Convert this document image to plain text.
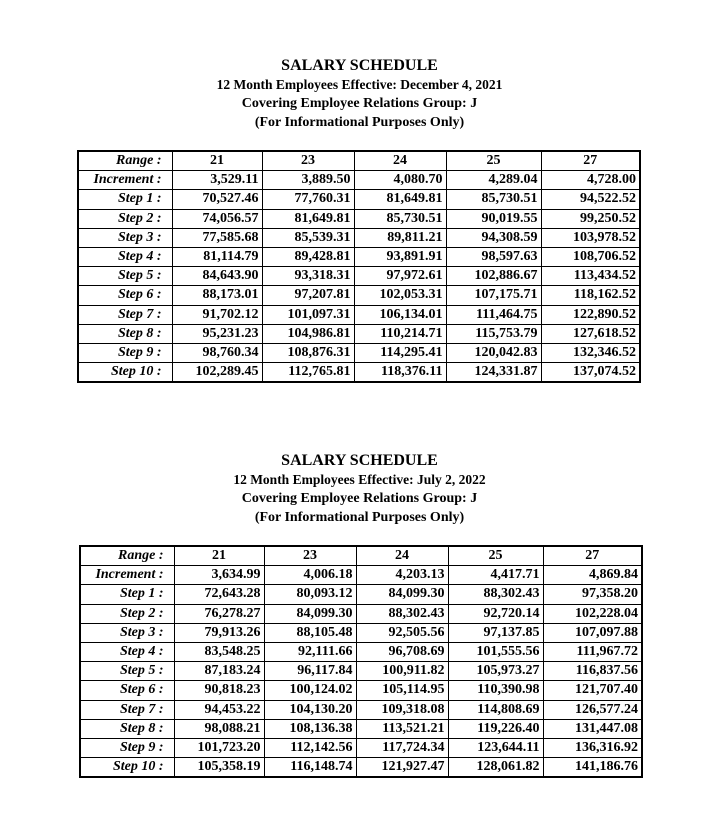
SALARY SCHEDULE
12 Month Employees Effective: December 4, 2021
Covering Employee Relations Group: J
(For Informational Purposes Only)
Range :	21	23	24	25	27
Increment :	3,529.11	3,889.50	4,080.70	4,289.04	4,728.00
Step 1 :	70,527.46	77,760.31	81,649.81	85,730.51	94,522.52
Step 2 :	74,056.57	81,649.81	85,730.51	90,019.55	99,250.52
Step 3 :	77,585.68	85,539.31	89,811.21	94,308.59	103,978.52
Step 4 :	81,114.79	89,428.81	93,891.91	98,597.63	108,706.52
Step 5 :	84,643.90	93,318.31	97,972.61	102,886.67	113,434.52
Step 6 :	88,173.01	97,207.81	102,053.31	107,175.71	118,162.52
Step 7 :	91,702.12	101,097.31	106,134.01	111,464.75	122,890.52
Step 8 :	95,231.23	104,986.81	110,214.71	115,753.79	127,618.52
Step 9 :	98,760.34	108,876.31	114,295.41	120,042.83	132,346.52
Step 10 :	102,289.45	112,765.81	118,376.11	124,331.87	137,074.52
SALARY SCHEDULE
12 Month Employees Effective: July 2, 2022
Covering Employee Relations Group: J
(For Informational Purposes Only)
Range :	21	23	24	25	27
Increment :	3,634.99	4,006.18	4,203.13	4,417.71	4,869.84
Step 1 :	72,643.28	80,093.12	84,099.30	88,302.43	97,358.20
Step 2 :	76,278.27	84,099.30	88,302.43	92,720.14	102,228.04
Step 3 :	79,913.26	88,105.48	92,505.56	97,137.85	107,097.88
Step 4 :	83,548.25	92,111.66	96,708.69	101,555.56	111,967.72
Step 5 :	87,183.24	96,117.84	100,911.82	105,973.27	116,837.56
Step 6 :	90,818.23	100,124.02	105,114.95	110,390.98	121,707.40
Step 7 :	94,453.22	104,130.20	109,318.08	114,808.69	126,577.24
Step 8 :	98,088.21	108,136.38	113,521.21	119,226.40	131,447.08
Step 9 :	101,723.20	112,142.56	117,724.34	123,644.11	136,316.92
Step 10 :	105,358.19	116,148.74	121,927.47	128,061.82	141,186.76
